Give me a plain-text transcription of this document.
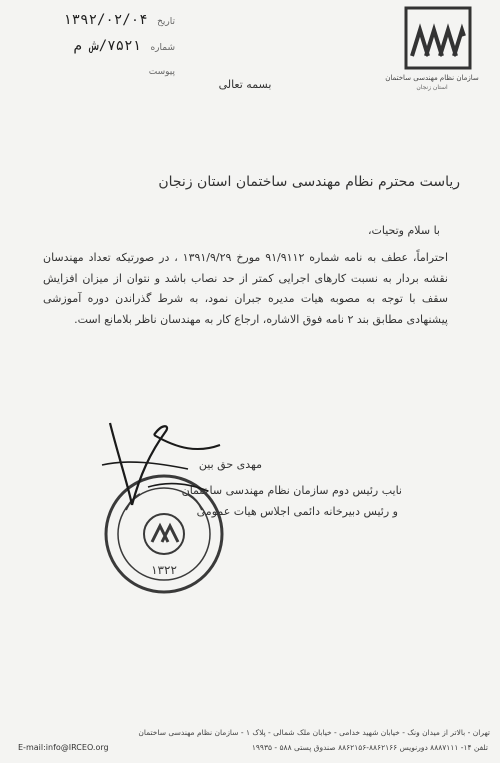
سازمان نظام مهندسی ساختمان
استان زنجان
تاریخ ۱۳۹۲/۰۲/۰۴
شماره ۷۵۲۱/ش م
پیوست
بسمه تعالی
ریاست محترم نظام مهندسی ساختمان استان زنجان
با سلام وتحیات،
احتراماً، عطف به نامه شماره ۹۱/۹۱۱۲ مورخ ۱۳۹۱/۹/۲۹ ، در صورتیکه تعداد مهندسان نقشه بردار به نسبت کارهای اجرایی کمتر از حد نصاب باشد و نتوان از میزان افزایش سقف با توجه به مصوبه هیات مدیره جبران نمود، به شرط گذراندن دوره آموزشی پیشنهادی مطابق بند ۲ نامه فوق الاشاره، ارجاع کار به مهندسان ناظر بلامانع است.
مهدی حق بین
نایب رئیس دوم سازمان نظام مهندسی ساختمان
و رئیس دبیرخانه دائمی اجلاس هیات عمومی
۱۳۲۲
تهران - بالاتر از میدان ونک - خیابان شهید خدامی - خیابان ملک شمالی - پلاک ۱ - سازمان نظام مهندسی ساختمان
E-mail:info@IRCEO.org	تلفن ۱۴- ۸۸۸۷۱۱۱ دورنویس ۸۸۶۲۱۶۶-۸۸۶۲۱۵۶ صندوق پستی ۵۸۸ - ۱۹۹۳۵
